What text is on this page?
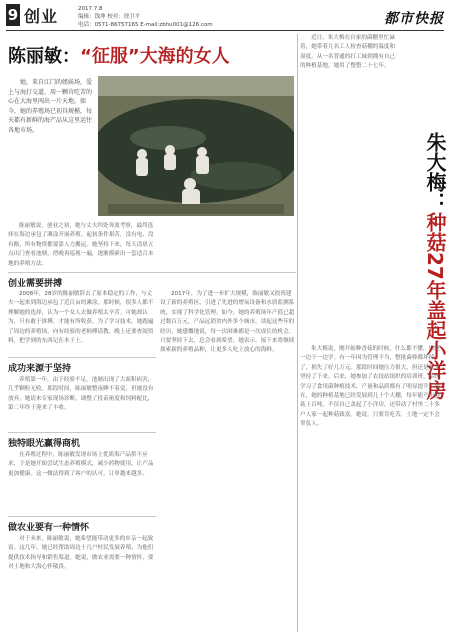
9 创业	2017.7.8
编辑：钱坤 校对：徐卫平
电话：0571-86757165 E-mail:zbhu001@126.com	都市快报
陈丽敏：“征服”大海的女人

她，来自江门的姐妹场，爱上与海打交道，用一颗肯吃苦的心在大海里闯出一片天地。如今，她的养殖场已初具规模，每天都有新鲜的海产品从这里运往各地市场。

陈丽敏说，创业之初，她与丈夫四处奔波考察，最终选择在海边承包了滩涂开展养殖。起初条件艰苦，没有电、没有路，所有物资都要靠人力搬运。她坚持下来，每天清晨五点出门查看池塘，傍晚再巡视一遍，逐渐摸索出一套适合本地的养殖方法。

创业需要拼搏

2008年，28岁的陈丽敏辞去了原本稳定的工作，与丈夫一起来到海边承包了近百亩的滩涂。那时候，很多人都不理解她的选择，认为一个女人去做养殖太辛苦。可她却认为，只有敢于拼搏，才能有所收获。为了学习技术，她跑遍了周边的养殖场，向有经验的老师傅请教，晚上还要查阅资料，把学到的东西记在本子上。

成功来源于坚持

养殖第一年，由于经验不足，池塘出现了大面积病害，几乎颗粒无收。那段时间，陈丽敏整夜睡不着觉，但她没有放弃。她请来专家现场诊断，调整了投苗密度和饲料配比，第二年终于迎来了丰收。

独特眼光赢得商机

在养殖过程中，陈丽敏发现市场上优质海产品供不应求，于是她开始尝试生态养殖模式，减少药物使用，让产品更加健康。这一做法得到了客户的认可，订单越来越多。

做农业要有一种情怀

对于未来，陈丽敏说，她希望能带动更多的乡亲一起致富。这几年，她已经帮助周边十几户村民发展养殖，为他们提供技术指导和销售渠道。她说，做农业需要一种情怀，要对土地和大海心怀敬畏。

2017年，为了进一步扩大规模，陈丽敏又投资建设了新的养殖区，引进了先进的增氧设备和水质监测系统，实现了科学化管理。如今，她的养殖场年产值已超过数百万元，产品远销省内外多个城市。谈起这些年的经历，她感慨地说，每一次困难都是一次成长的机会，只要坚持下去，总会看到希望。她表示，接下来将继续探索新的养殖品种，让更多人吃上放心的海鲜。

近日，朱大梅在自家的菌棚里忙碌着，她带着几名工人检查菇棚的温度和湿度。从一名普通的打工妹到拥有自己的种植基地，她用了整整二十七年。

朱大梅：种菇27年盖起小洋房

朱大梅说，刚开始种香菇的时候，什么都不懂，只能一边干一边学。有一年因为管理不当，整批菌棒都坏掉了，损失了好几万元。那段时间她压力很大，但还是咬牙坚持了下来。后来，她参加了农技站组织的培训班，系统学习了食用菌种植技术，产量和品质都有了明显提升。现在，她的种植基地已经发展到几十个大棚，每年能产出鲜菇上百吨，不仅自己盖起了小洋房，还带动了村里二十多户人家一起种菇致富。她说，只要肯吃苦，土地一定不会辜负人。
